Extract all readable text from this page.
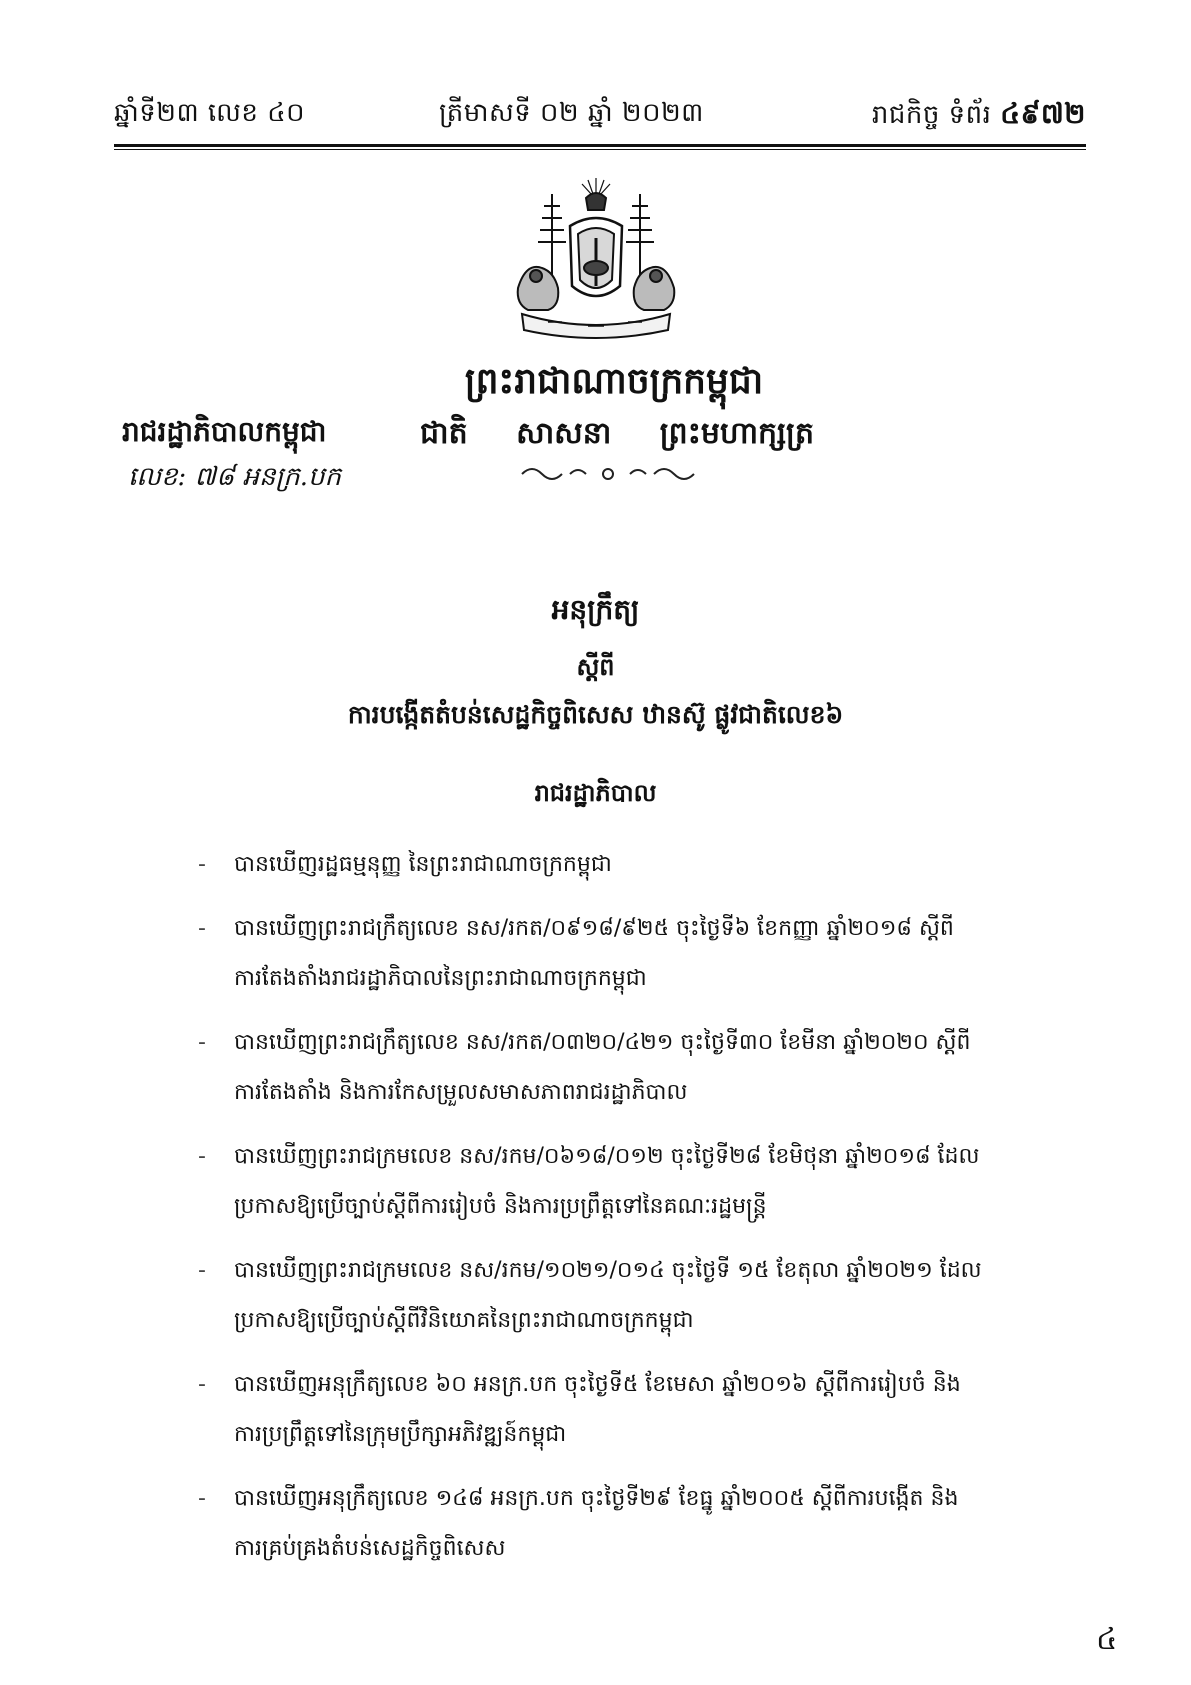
ឆ្នាំទី២៣ លេខ ៤០	ត្រីមាសទី ០២ ឆ្នាំ ២០២៣	រាជកិច្ច ទំព័រ ៤៩៧២
ព្រះរាជាណាចក្រកម្ពុជា
រាជរដ្ឋាភិបាលកម្ពុជា	ជាតិ សាសនា ព្រះមហាក្សត្រ
លេខ: ៧៨ អនក្រ.បក
អនុក្រឹត្យ
ស្ដីពី
ការបង្កើតតំបន់សេដ្ឋកិច្ចពិសេស ឋានស៊ូ ផ្លូវជាតិលេខ៦
រាជរដ្ឋាភិបាល
- បានឃើញរដ្ឋធម្មនុញ្ញ នៃព្រះរាជាណាចក្រកម្ពុជា
- បានឃើញព្រះរាជក្រឹត្យលេខ នស/រកត/០៩១៨/៩២៥ ចុះថ្ងៃទី៦ ខែកញ្ញា ឆ្នាំ២០១៨ ស្ដីពី
ការតែងតាំងរាជរដ្ឋាភិបាលនៃព្រះរាជាណាចក្រកម្ពុជា
- បានឃើញព្រះរាជក្រឹត្យលេខ នស/រកត/០៣២០/៤២១ ចុះថ្ងៃទី៣០ ខែមីនា ឆ្នាំ២០២០ ស្ដីពី
ការតែងតាំង និងការកែសម្រួលសមាសភាពរាជរដ្ឋាភិបាល
- បានឃើញព្រះរាជក្រមលេខ នស/រកម/០៦១៨/០១២ ចុះថ្ងៃទី២៨ ខែមិថុនា ឆ្នាំ២០១៨ ដែល
ប្រកាសឱ្យប្រើច្បាប់ស្ដីពីការរៀបចំ និងការប្រព្រឹត្តទៅនៃគណៈរដ្ឋមន្ត្រី
- បានឃើញព្រះរាជក្រមលេខ នស/រកម/១០២១/០១៤ ចុះថ្ងៃទី ១៥ ខែតុលា ឆ្នាំ២០២១ ដែល
ប្រកាសឱ្យប្រើច្បាប់ស្ដីពីវិនិយោគនៃព្រះរាជាណាចក្រកម្ពុជា
- បានឃើញអនុក្រឹត្យលេខ ៦០ អនក្រ.បក ចុះថ្ងៃទី៥ ខែមេសា ឆ្នាំ២០១៦ ស្ដីពីការរៀបចំ និង
ការប្រព្រឹត្តទៅនៃក្រុមប្រឹក្សាអភិវឌ្ឍន៍កម្ពុជា
- បានឃើញអនុក្រឹត្យលេខ ១៤៨ អនក្រ.បក ចុះថ្ងៃទី២៩ ខែធ្នូ ឆ្នាំ២០០៥ ស្ដីពីការបង្កើត និង
ការគ្រប់គ្រងតំបន់សេដ្ឋកិច្ចពិសេស
៤
